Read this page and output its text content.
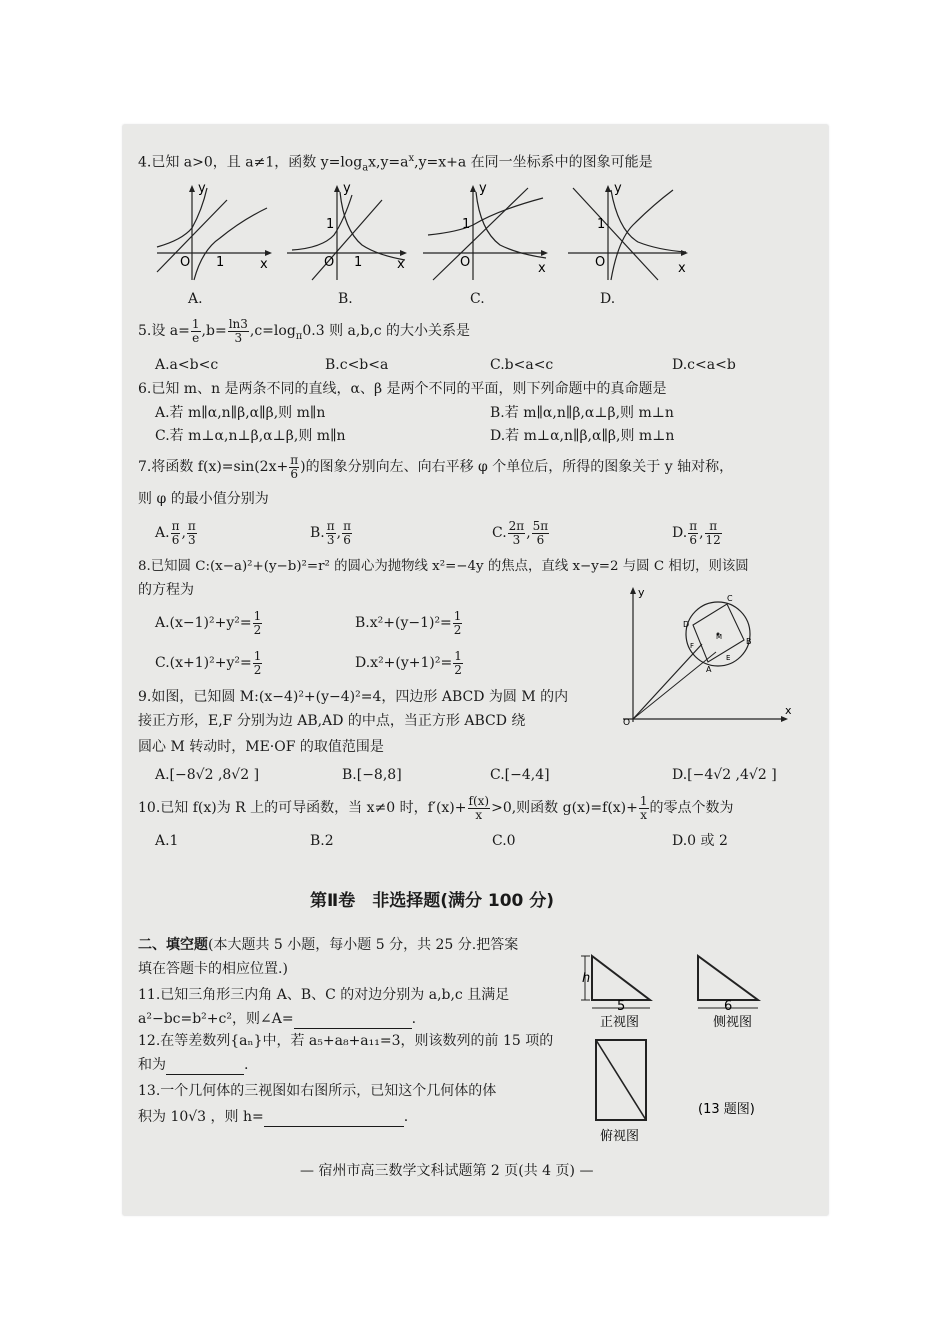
4.已知 a>0，且 a≠1，函数 $y=\log_ax,y=a^x,y=x+a$ 在同一坐标系中的图象可能是
y
x
O 1
y
x
O
1
1
y
x
O
1
y
x
O
1
A.	B.	C.	D.
5.设 $a= \frac{1}{e} ,b= \frac{\ln 3}{3} ,c=\log_\pi 0.3$ 则 a,b,c 的大小关系是
A.a<b<c	B.c<b<a	C.b<a<c	D.c<a<b
6.已知 m、n 是两条不同的直线，α、β 是两个不同的平面，则下列命题中的真命题是
A.若 m∥α,n∥β,α∥β,则 m∥n	B.若 m∥α,n∥β,α⊥β,则 m⊥n
C.若 m⊥α,n⊥β,α⊥β,则 m∥n	D.若 m⊥α,n∥β,α∥β,则 m⊥n
7.将函数 $f(x)=\sin(2x+ \frac{\pi}{6}$ )的图象分别向左、向右平移 φ 个单位后，所得的图象关于 y 轴对称，
则 φ 的最小值分别为
A. $\frac{\pi}{6}$ , $\frac{\pi}{3}$	B. $\frac{\pi}{3}$ , $\frac{\pi}{6}$	C. $\frac{2\pi}{3}$ , $\frac{5\pi}{6}$	D. $\frac{\pi}{6}$ , $\frac{\pi}{12}$
8.已知圆 C:(x−a)²+(y−b)²=r² 的圆心为抛物线 x²=−4y 的焦点，直线 x−y=2 与圆 C 相切，则该圆
的方程为
$A.(x-1)^2+y^2= \frac{1}{2}$	$B.x^2+(y-1)^2= \frac{1}{2}$
$C.(x+1)^2+y^2= \frac{1}{2}$	$D.x^2+(y+1)^2= \frac{1}{2}$
y
x
O
D
C
B
A
M
F
E
9.如图，已知圆 M:(x−4)²+(y−4)²=4，四边形 ABCD 为圆 M 的内
接正方形，E,F 分别为边 AB,AD 的中点，当正方形 ABCD 绕
圆心 M 转动时，ME·OF 的取值范围是
A.[−8√2 ,8√2 ]	B.[−8,8]	C.[−4,4]	D.[−4√2 ,4√2 ]
10.已知 f(x)为 R 上的可导函数，当 x≠0 时，$f'(x)+ \frac{f(x)}{x} >0$,则函数 $g(x)=f(x)+ \frac{1}{x}$ 的零点个数为
A.1	B.2	C.0	D.0 或 2
第Ⅱ卷　非选择题(满分 100 分)
二、填空题(本大题共 5 小题，每小题 5 分，共 25 分.把答案
填在答题卡的相应位置.)
11.已知三角形三内角 A、B、C 的对边分别为 a,b,c 且满足
a²−bc=b²+c²，则∠A=	.
12.在等差数列{aₙ}中，若 a₅+a₈+a₁₁=3，则该数列的前 15 项的
和为	.
13.一个几何体的三视图如右图所示，已知这个几何体的体
积为 10√3 ，则 h=	.
h
5
正视图
6
侧视图
俯视图
(13 题图)
— 宿州市高三数学文科试题第 2 页(共 4 页) —
